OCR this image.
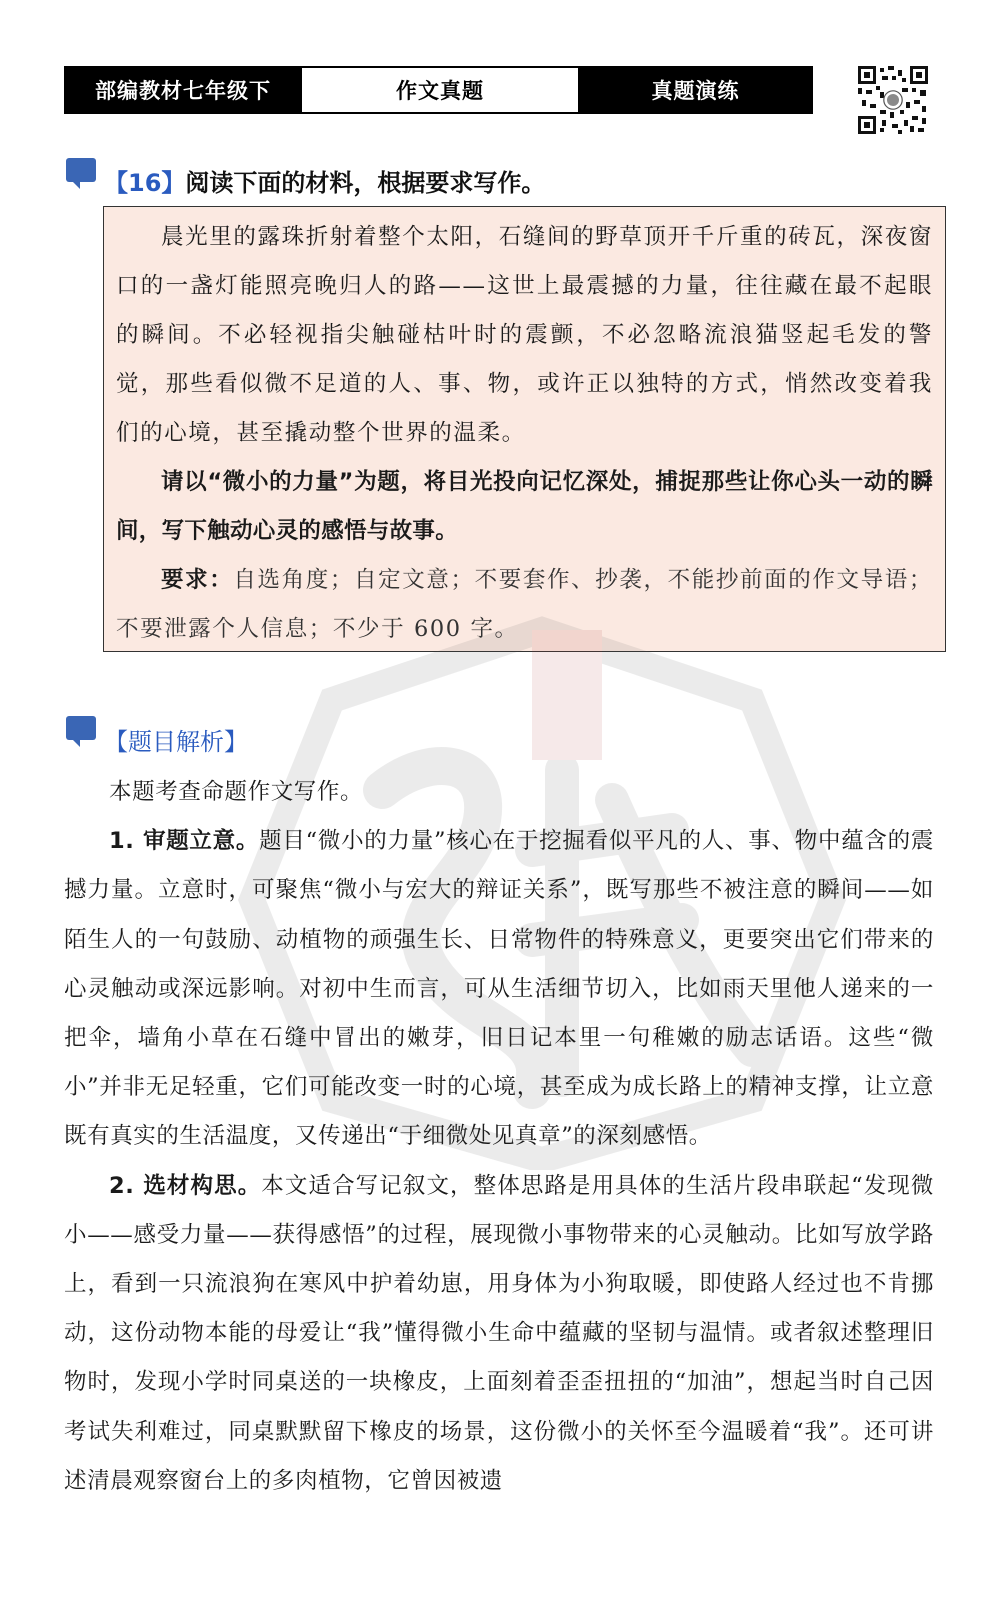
部编教材七年级下	作文真题	真题演练
【16】阅读下面的材料，根据要求写作。

晨光里的露珠折射着整个太阳，石缝间的野草顶开千斤重的砖瓦，深夜窗口的一盏灯能照亮晚归人的路——这世上最震撼的力量，往往藏在最不起眼的瞬间。不必轻视指尖触碰枯叶时的震颤，不必忽略流浪猫竖起毛发的警觉，那些看似微不足道的人、事、物，或许正以独特的方式，悄然改变着我们的心境，甚至撬动整个世界的温柔。

请以“微小的力量”为题，将目光投向记忆深处，捕捉那些让你心头一动的瞬间，写下触动心灵的感悟与故事。

要求：自选角度；自定文意；不要套作、抄袭，不能抄前面的作文导语；不要泄露个人信息；不少于 600 字。

【题目解析】

本题考查命题作文写作。

1. 审题立意。题目“微小的力量”核心在于挖掘看似平凡的人、事、物中蕴含的震撼力量。立意时，可聚焦“微小与宏大的辩证关系”，既写那些不被注意的瞬间——如陌生人的一句鼓励、动植物的顽强生长、日常物件的特殊意义，更要突出它们带来的心灵触动或深远影响。对初中生而言，可从生活细节切入，比如雨天里他人递来的一把伞，墙角小草在石缝中冒出的嫩芽，旧日记本里一句稚嫩的励志话语。这些“微小”并非无足轻重，它们可能改变一时的心境，甚至成为成长路上的精神支撑，让立意既有真实的生活温度，又传递出“于细微处见真章”的深刻感悟。

2. 选材构思。本文适合写记叙文，整体思路是用具体的生活片段串联起“发现微小——感受力量——获得感悟”的过程，展现微小事物带来的心灵触动。比如写放学路上，看到一只流浪狗在寒风中护着幼崽，用身体为小狗取暖，即使路人经过也不肯挪动，这份动物本能的母爱让“我”懂得微小生命中蕴藏的坚韧与温情。或者叙述整理旧物时，发现小学时同桌送的一块橡皮，上面刻着歪歪扭扭的“加油”，想起当时自己因考试失利难过，同桌默默留下橡皮的场景，这份微小的关怀至今温暖着“我”。还可讲述清晨观察窗台上的多肉植物，它曾因被遗
